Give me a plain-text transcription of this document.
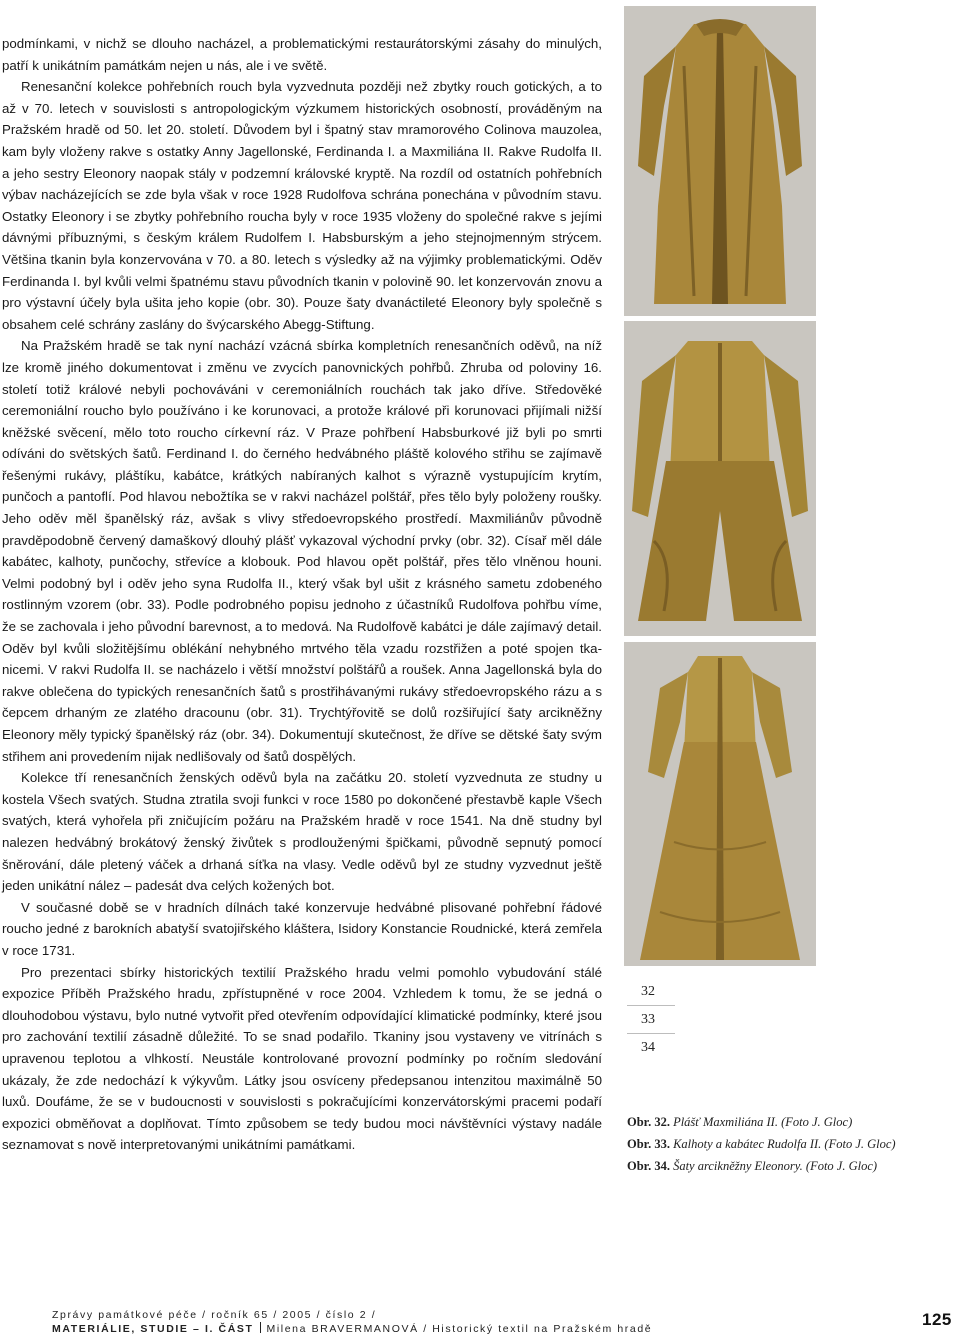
podmínkami, v nichž se dlouho nacházel, a problematickými restaurátorskými zásahy do minulých, patří k unikátním památkám nejen u nás, ale i ve světě.

Renesanční kolekce pohřebních rouch byla vyzvednuta později než zbytky rouch gotických, a to až v 70. letech v souvislosti s antropologickým výzkumem historických osobností, prováděným na Pražském hradě od 50. let 20. století. Důvodem byl i špatný stav mramorového Colinova mauzolea, kam byly vloženy rakve s ostatky Anny Jagellonské, Ferdinanda I. a Maxmiliána II. Rakve Rudolfa II. a jeho sestry Eleonory naopak stály v podzemní královské kryptě. Na rozdíl od ostatních pohřebních výbav nacházejících se zde byla však v roce 1928 Rudolfova schrána ponechána v původním stavu. Ostatky Eleonory i se zbytky pohřebního roucha byly v roce 1935 vloženy do společné rakve s jejími dávnými příbuznými, s českým králem Rudolfem I. Habsburským a jeho stejnojmenným strýcem. Většina tkanin byla konzervována v 70. a 80. letech s výsledky až na výjimky problematickými. Oděv Ferdinanda I. byl kvůli velmi špatnému stavu původních tkanin v polovině 90. let konzervován znovu a pro výstavní účely byla ušita jeho kopie (obr. 30). Pouze šaty dvanáctileté Eleonory byly společně s obsahem celé schrány zaslány do švýcarského Abegg-Stiftung.

Na Pražském hradě se tak nyní nachází vzácná sbírka kompletních renesančních oděvů, na níž lze kromě jiného dokumentovat i změnu ve zvycích panovnických pohřbů. Zhruba od poloviny 16. století totiž králové nebyli pochováváni v ceremoniálních rouchách tak jako dříve. Středověké ceremoniální roucho bylo používáno i ke korunovaci, a protože králové při korunovaci přijímali nižší kněžské svěcení, mělo toto roucho církevní ráz. V Praze pohřbení Habsburkové již byli po smrti odíváni do světských šatů. Ferdinand I. do černého hedvábného pláště kolového střihu se zajímavě řešenými rukávy, pláštíku, kabátce, krátkých nabíraných kalhot s výrazně vystupujícím krytím, punčoch a pantoflí. Pod hlavou nebožtíka se v rakvi nacházel polštář, přes tělo byly položeny roušky. Jeho oděv měl španělský ráz, avšak s vlivy středoevropského prostředí. Maxmiliánův původně pravděpodobně červený damaškový dlouhý plášť vykazoval východní prvky (obr. 32). Císař měl dále kabátec, kalhoty, punčochy, střevíce a klobouk. Pod hlavou opět polštář, přes tělo vlněnou houni. Velmi podobný byl i oděv jeho syna Rudolfa II., který však byl ušit z krásného sametu zdobeného rostlinným vzorem (obr. 33). Podle podrobného popisu jednoho z účastníků Rudolfova pohřbu víme, že se zachovala i jeho původní barevnost, a to medová. Na Rudolfově kabátci je dále zajímavý detail. Oděv byl kvůli složitějšímu oblékání nehybného mrtvého těla vzadu rozstřižen a poté spojen tkanicemi. V rakvi Rudolfa II. se nacházelo i větší množství polštářů a roušek. Anna Jagellonská byla do rakve oblečena do typických renesančních šatů s prostřihávanými rukávy středoevropského rázu a s čepcem drhaným ze zlatého dracounu (obr. 31). Trychtýřovitě se dolů rozšiřující šaty arcikněžny Eleonory měly typický španělský ráz (obr. 34). Dokumentují skutečnost, že dříve se dětské šaty svým střihem ani provedením nijak nedlišovaly od šatů dospělých.

Kolekce tří renesančních ženských oděvů byla na začátku 20. století vyzvednuta ze studny u kostela Všech svatých. Studna ztratila svoji funkci v roce 1580 po dokončené přestavbě kaple Všech svatých, která vyhořela při zničujícím požáru na Pražském hradě v roce 1541. Na dně studny byl nalezen hedvábný brokátový ženský živůtek s prodlouženými špičkami, původně sepnutý pomocí šněrování, dále pletený váček a drhaná síťka na vlasy. Vedle oděvů byl ze studny vyzvednut ještě jeden unikátní nález – padesát dva celých kožených bot.

V současné době se v hradních dílnách také konzervuje hedvábné plisované pohřební řádové roucho jedné z barokních abatyší svatojiřského kláštera, Isidory Konstancie Roudnické, která zemřela v roce 1731.

Pro prezentaci sbírky historických textilií Pražského hradu velmi pomohlo vybudování stálé expozice Příběh Pražského hradu, zpřístupněné v roce 2004. Vzhledem k tomu, že se jedná o dlouhodobou výstavu, bylo nutné vytvořit před otevřením odpovídající klimatické podmínky, které jsou pro zachování textilií zásadně důležité. To se snad podařilo. Tkaniny jsou vystaveny ve vitrínách s upravenou teplotou a vlhkostí. Neustále kontrolované provozní podmínky po ročním sledování ukázaly, že zde nedochází k výkyvům. Látky jsou osvíceny předepsanou intenzitou maximálně 50 luxů. Doufáme, že se v budoucnosti v souvislosti s pokračujícími konzervátorskými pracemi podaří expozici obměňovat a doplňovat. Tímto způsobem se tedy budou moci návštěvníci výstavy nadále seznamovat s nově interpretovanými unikátními památkami.

32
33
34
Obr. 32. Plášť Maxmiliána II. (Foto J. Gloc)
Obr. 33. Kalhoty a kabátec Rudolfa II. (Foto J. Gloc)
Obr. 34. Šaty arcikněžny Eleonory. (Foto J. Gloc)
Zprávy památkové péče / ročník 65 / 2005 / číslo 2 /
MATERIÁLIE, STUDIE – I. ČÁST Milena BRAVERMANOVÁ / Historický textil na Pražském hradě	125
